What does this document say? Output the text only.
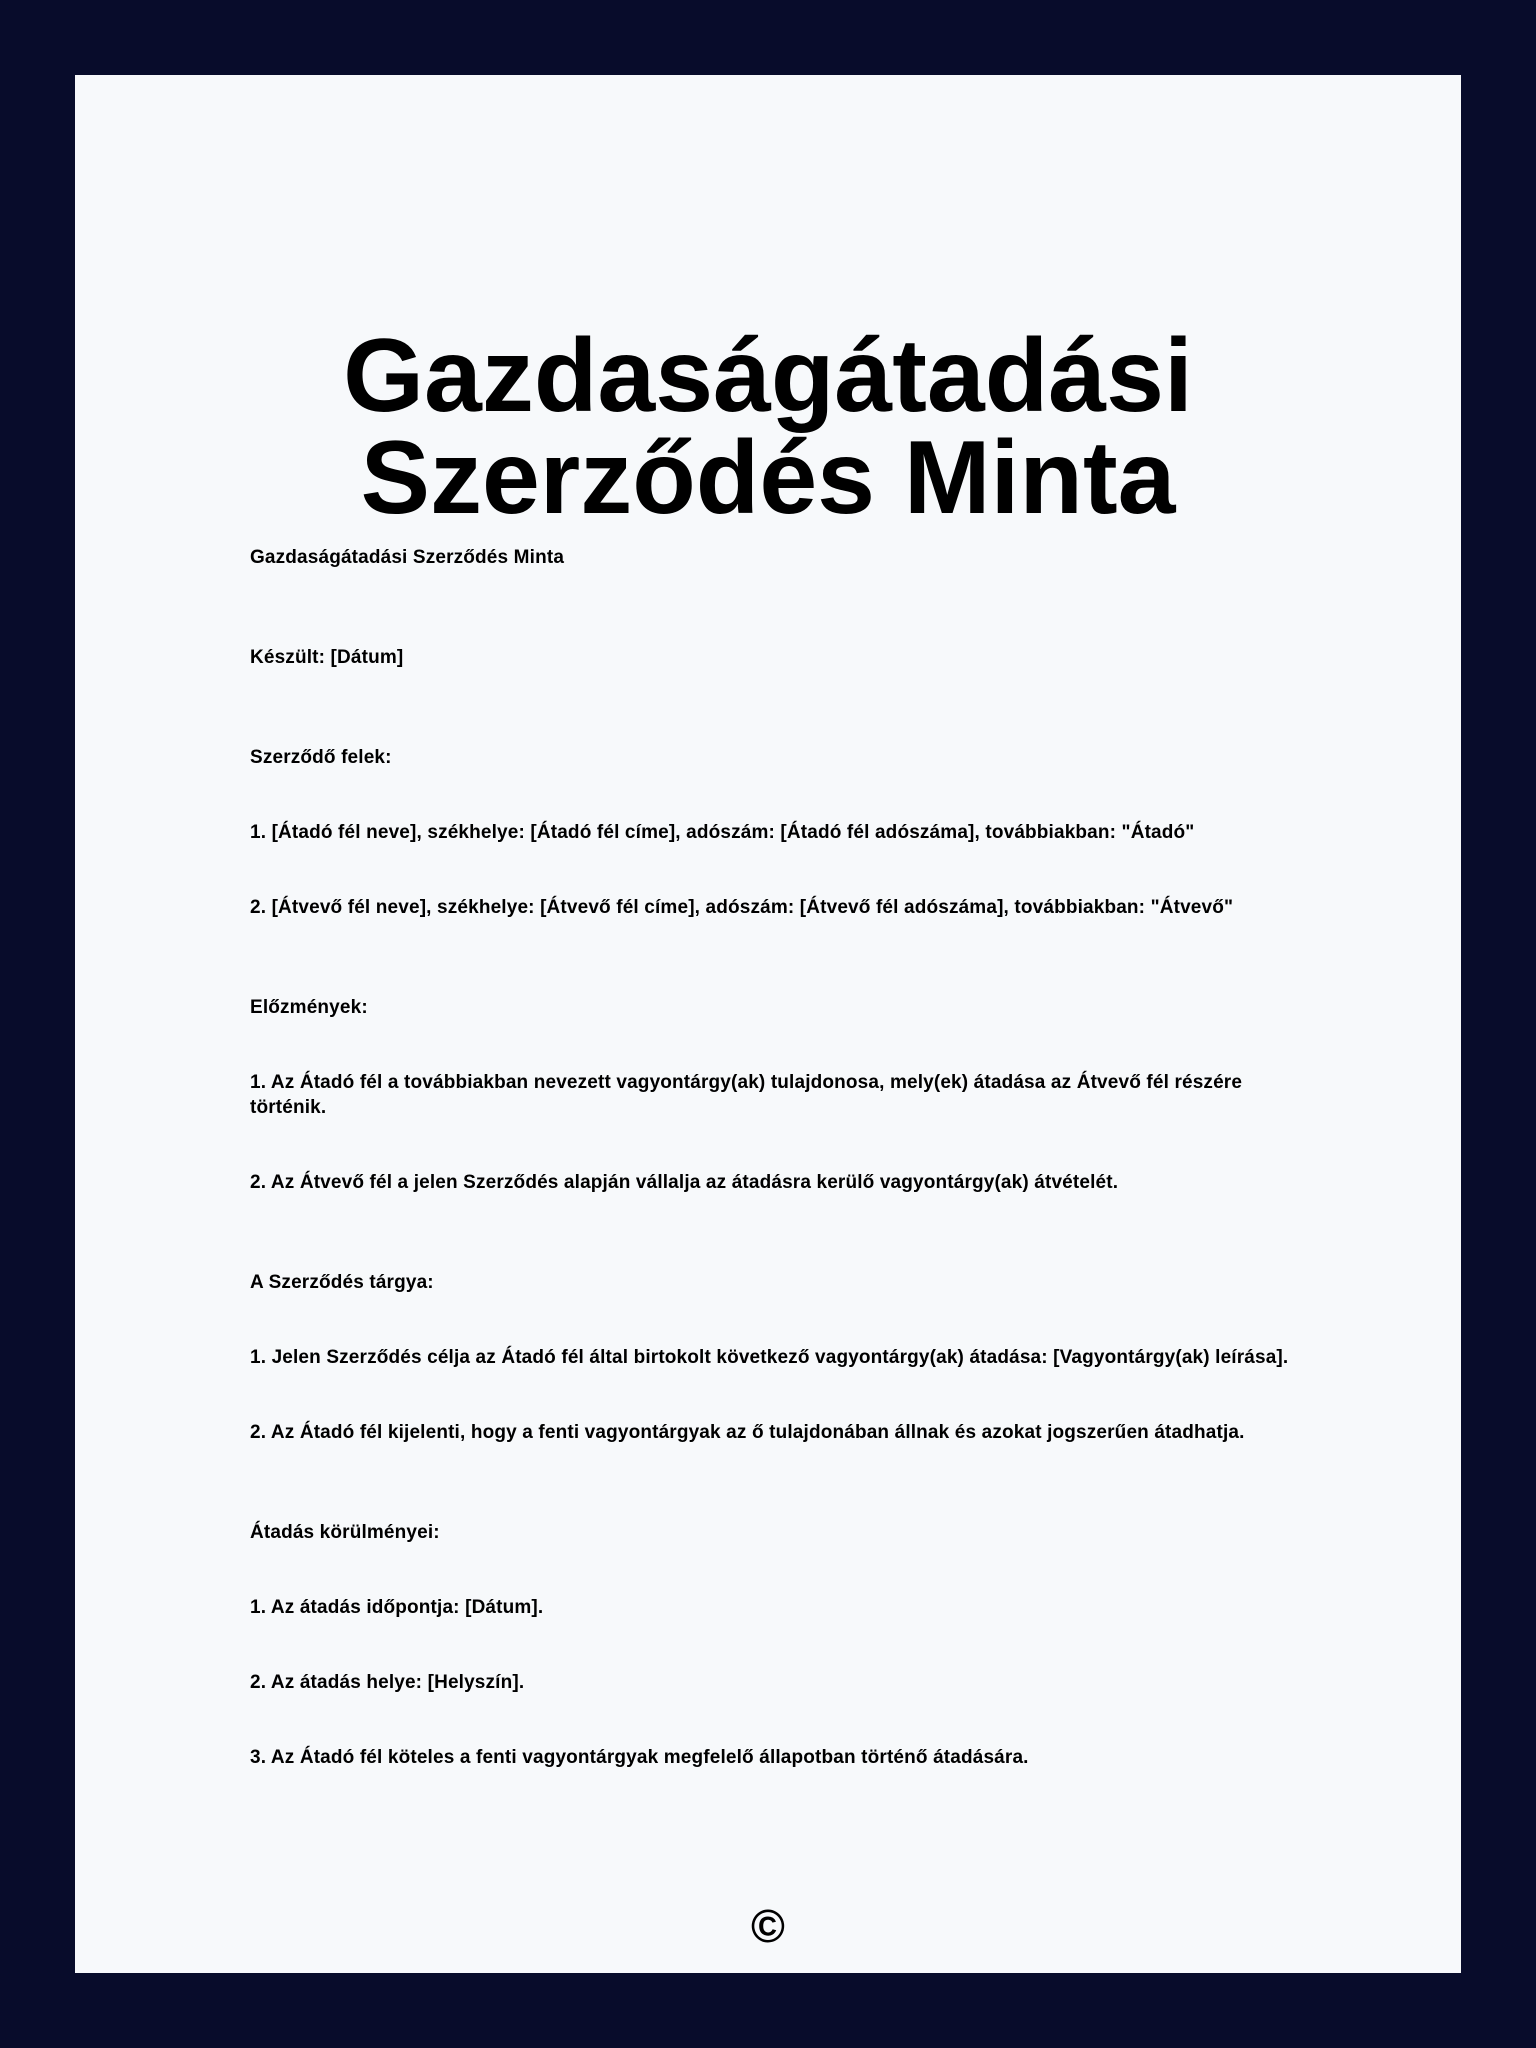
Gazdaságátadási Szerződés Minta

Gazdaságátadási Szerződés Minta

Készült: [Dátum]

Szerződő felek:

1. [Átadó fél neve], székhelye: [Átadó fél címe], adószám: [Átadó fél adószáma], továbbiakban: "Átadó"

2. [Átvevő fél neve], székhelye: [Átvevő fél címe], adószám: [Átvevő fél adószáma], továbbiakban: "Átvevő"

Előzmények:

1. Az Átadó fél a továbbiakban nevezett vagyontárgy(ak) tulajdonosa, mely(ek) átadása az Átvevő fél részére történik.

2. Az Átvevő fél a jelen Szerződés alapján vállalja az átadásra kerülő vagyontárgy(ak) átvételét.

A Szerződés tárgya:

1. Jelen Szerződés célja az Átadó fél által birtokolt következő vagyontárgy(ak) átadása: [Vagyontárgy(ak) leírása].

2. Az Átadó fél kijelenti, hogy a fenti vagyontárgyak az ő tulajdonában állnak és azokat jogszerűen átadhatja.

Átadás körülményei:

1. Az átadás időpontja: [Dátum].

2. Az átadás helye: [Helyszín].

3. Az Átadó fél köteles a fenti vagyontárgyak megfelelő állapotban történő átadására.

©
